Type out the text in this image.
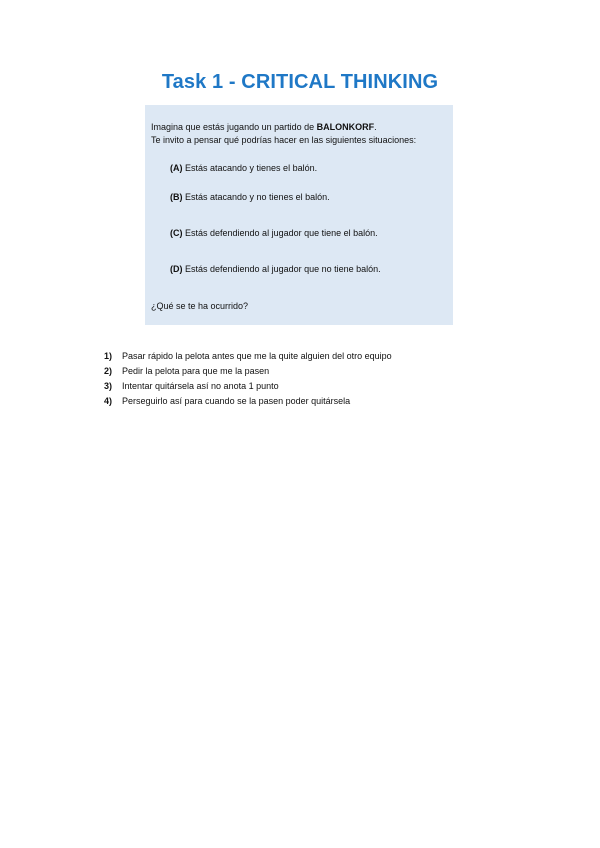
Task 1 - CRITICAL THINKING
Imagina que estás jugando un partido de BALONKORF.
Te invito a pensar qué podrías hacer en las siguientes situaciones:
(A) Estás atacando y tienes el balón.
(B) Estás atacando y no tienes el balón.
(C) Estás defendiendo al jugador que tiene el balón.
(D) Estás defendiendo al jugador que no tiene balón.
¿Qué se te ha ocurrido?
1)	Pasar rápido la pelota antes que me la quite alguien del otro equipo
2)	Pedir la pelota para que me la pasen
3)	Intentar quitársela así no anota 1 punto
4)	Perseguirlo así para cuando se la pasen poder quitársela
